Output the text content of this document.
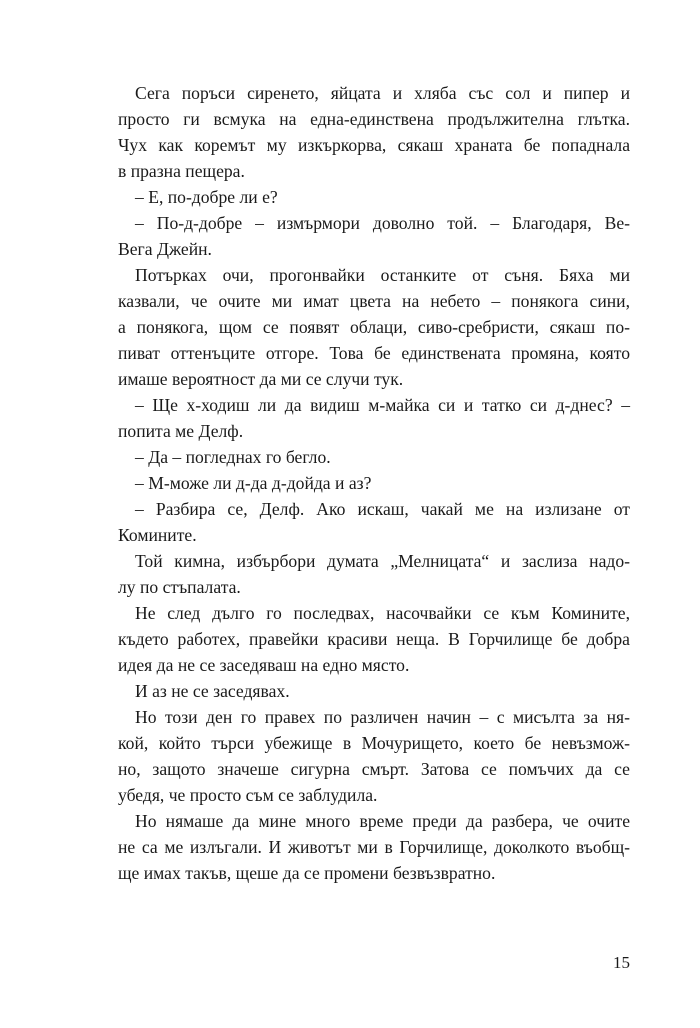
Сега поръси сиренето, яйцата и хляба със сол и пипер и
просто ги всмука на една-единствена продължителна глътка.
Чух как коремът му изкъркорва, сякаш храната бе попаднала
в празна пещера.
– Е, по-добре ли е?
– По-д-добре – измърмори доволно той. – Благодаря, Ве-
Вега Джейн.
Потърках очи, прогонвайки останките от съня. Бяха ми
казвали, че очите ми имат цвета на небето – понякога сини,
а понякога, щом се появят облаци, сиво-сребристи, сякаш по-
пиват оттенъците отгоре. Това бе единствената промяна, която
имаше вероятност да ми се случи тук.
– Ще х-ходиш ли да видиш м-майка си и татко си д-днес? –
попита ме Делф.
– Да – погледнах го бегло.
– М-може ли д-да д-дойда и аз?
– Разбира се, Делф. Ако искаш, чакай ме на излизане от
Комините.
Той кимна, избърбори думата „Мелницата“ и заслиза надо-
лу по стъпалата.
Не след дълго го последвах, насочвайки се към Комините,
където работех, правейки красиви неща. В Горчилище бе добра
идея да не се заседяваш на едно място.
И аз не се заседявах.
Но този ден го правех по различен начин – с мисълта за ня-
кой, който търси убежище в Мочурището, което бе невъзмож-
но, защото значеше сигурна смърт. Затова се помъчих да се
убедя, че просто съм се заблудила.
Но нямаше да мине много време преди да разбера, че очите
не са ме излъгали. И животът ми в Горчилище, доколкото въобщ-
ще имах такъв, щеше да се промени безвъзвратно.
15
